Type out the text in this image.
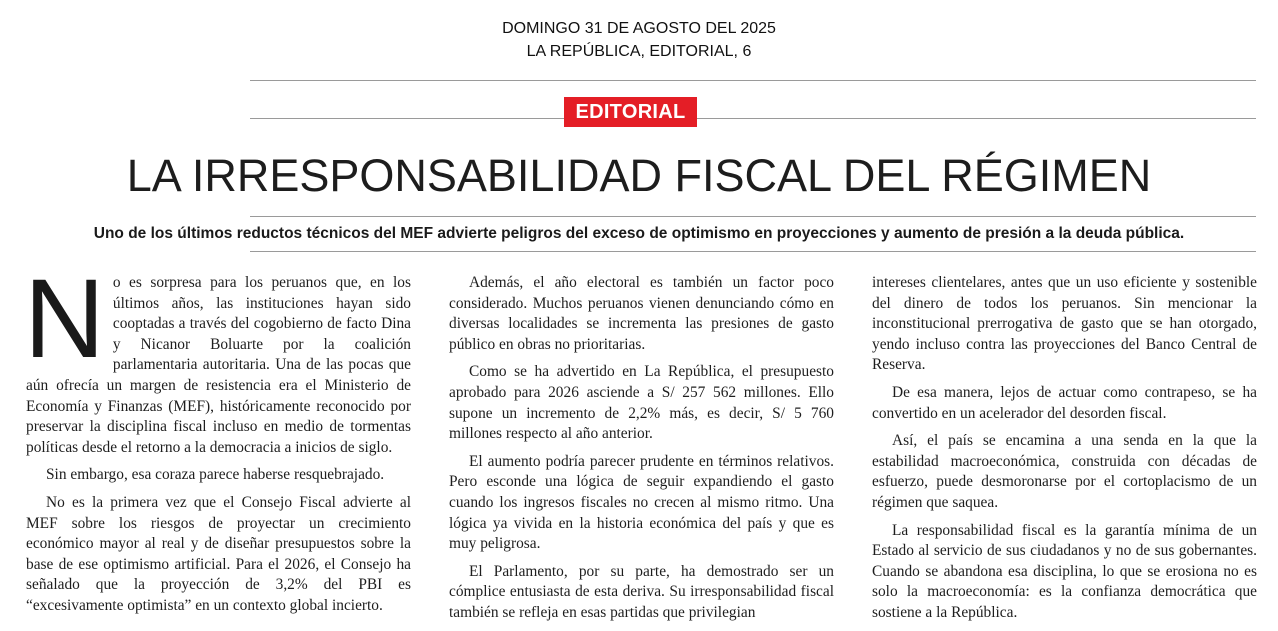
DOMINGO 31 DE AGOSTO DEL 2025
LA REPÚBLICA, EDITORIAL, 6
EDITORIAL
LA IRRESPONSABILIDAD FISCAL DEL RÉGIMEN

Uno de los últimos reductos técnicos del MEF advierte peligros del exceso de optimismo en proyecciones y aumento de presión a la deuda pública.

No es sorpresa para los peruanos que, en los últimos años, las instituciones hayan sido cooptadas a través del cogobierno de facto Dina y Nicanor Boluarte por la coalición parlamentaria autoritaria. Una de las pocas que aún ofrecía un margen de resistencia era el Ministerio de Economía y Finanzas (MEF), históricamente reconocido por preservar la disciplina fiscal incluso en medio de tormentas políticas desde el retorno a la democracia a inicios de siglo.

Sin embargo, esa coraza parece haberse resquebrajado.

No es la primera vez que el Consejo Fiscal advierte al MEF sobre los riesgos de proyectar un crecimiento económico mayor al real y de diseñar presupuestos sobre la base de ese optimismo artificial. Para el 2026, el Consejo ha señalado que la proyección de 3,2% del PBI es “excesivamente optimista” en un contexto global incierto.

Además, el año electoral es también un factor poco considerado. Muchos peruanos vienen denunciando cómo en diversas localidades se incrementa las presiones de gasto público en obras no prioritarias.

Como se ha advertido en La República, el presupuesto aprobado para 2026 asciende a S/ 257 562 millones. Ello supone un incremento de 2,2% más, es decir, S/ 5 760 millones respecto al año anterior.

El aumento podría parecer prudente en términos relativos. Pero esconde una lógica de seguir expandiendo el gasto cuando los ingresos fiscales no crecen al mismo ritmo. Una lógica ya vivida en la historia económica del país y que es muy peligrosa.

El Parlamento, por su parte, ha demostrado ser un cómplice entusiasta de esta deriva. Su irresponsabilidad fiscal también se refleja en esas partidas que privilegian

intereses clientelares, antes que un uso eficiente y sostenible del dinero de todos los peruanos. Sin mencionar la inconstitucional prerrogativa de gasto que se han otorgado, yendo incluso contra las proyecciones del Banco Central de Reserva.

De esa manera, lejos de actuar como contrapeso, se ha convertido en un acelerador del desorden fiscal.

Así, el país se encamina a una senda en la que la estabilidad macroeconómica, construida con décadas de esfuerzo, puede desmoronarse por el cortoplacismo de un régimen que saquea.

La responsabilidad fiscal es la garantía mínima de un Estado al servicio de sus ciudadanos y no de sus gobernantes. Cuando se abandona esa disciplina, lo que se erosiona no es solo la macroeconomía: es la confianza democrática que sostiene a la República.
